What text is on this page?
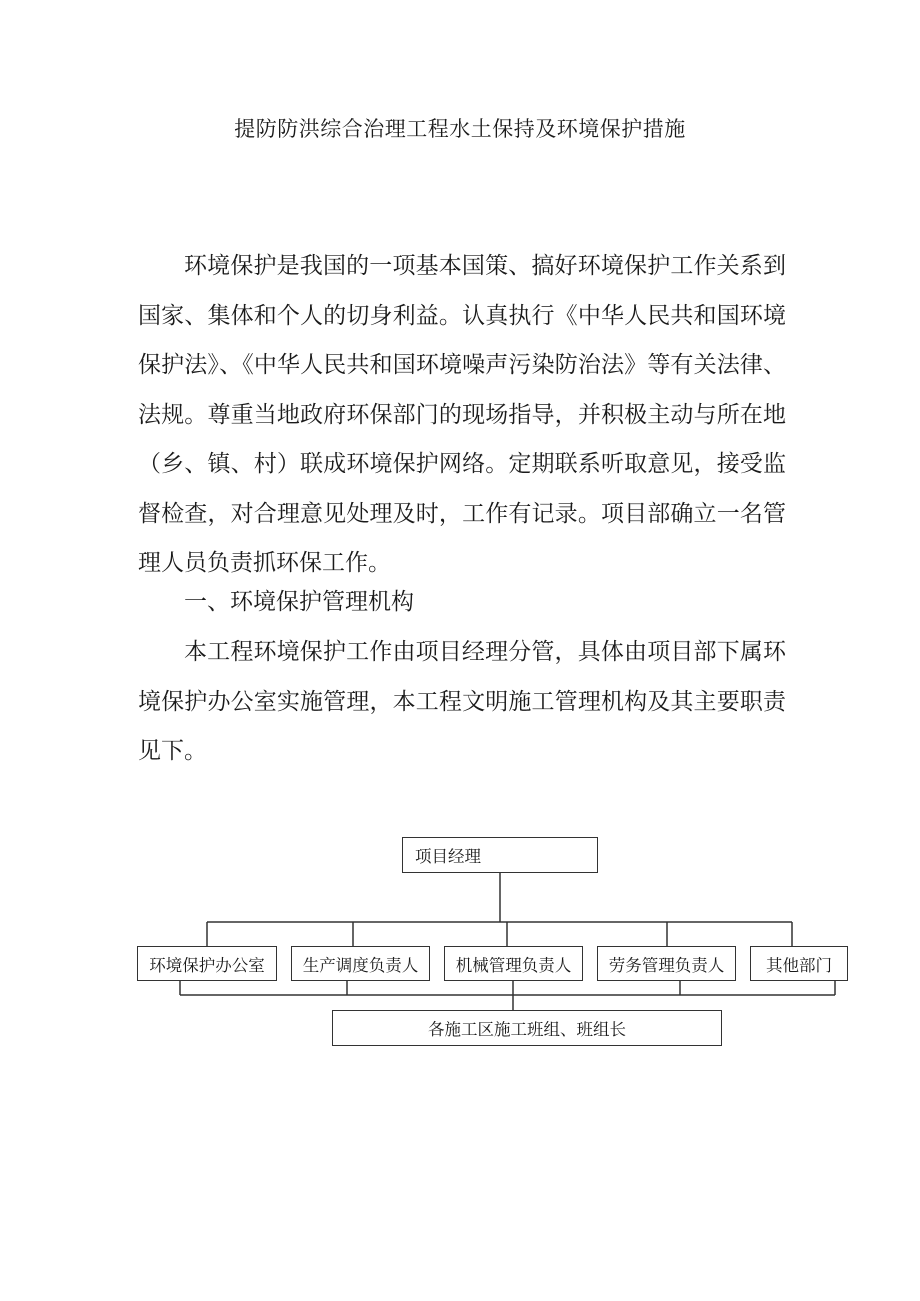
提防防洪综合治理工程水土保持及环境保护措施

环境保护是我国的一项基本国策、搞好环境保护工作关系到国家、集体和个人的切身利益。认真执行《中华人民共和国环境保护法》、《中华人民共和国环境噪声污染防治法》等有关法律、法规。尊重当地政府环保部门的现场指导，并积极主动与所在地（乡、镇、村）联成环境保护网络。定期联系听取意见，接受监督检查，对合理意见处理及时，工作有记录。项目部确立一名管理人员负责抓环保工作。

一、环境保护管理机构

本工程环境保护工作由项目经理分管，具体由项目部下属环境保护办公室实施管理，本工程文明施工管理机构及其主要职责见下。

项目经理
环境保护办公室	生产调度负责人	机械管理负责人	劳务管理负责人	其他部门
各施工区施工班组、班组长
